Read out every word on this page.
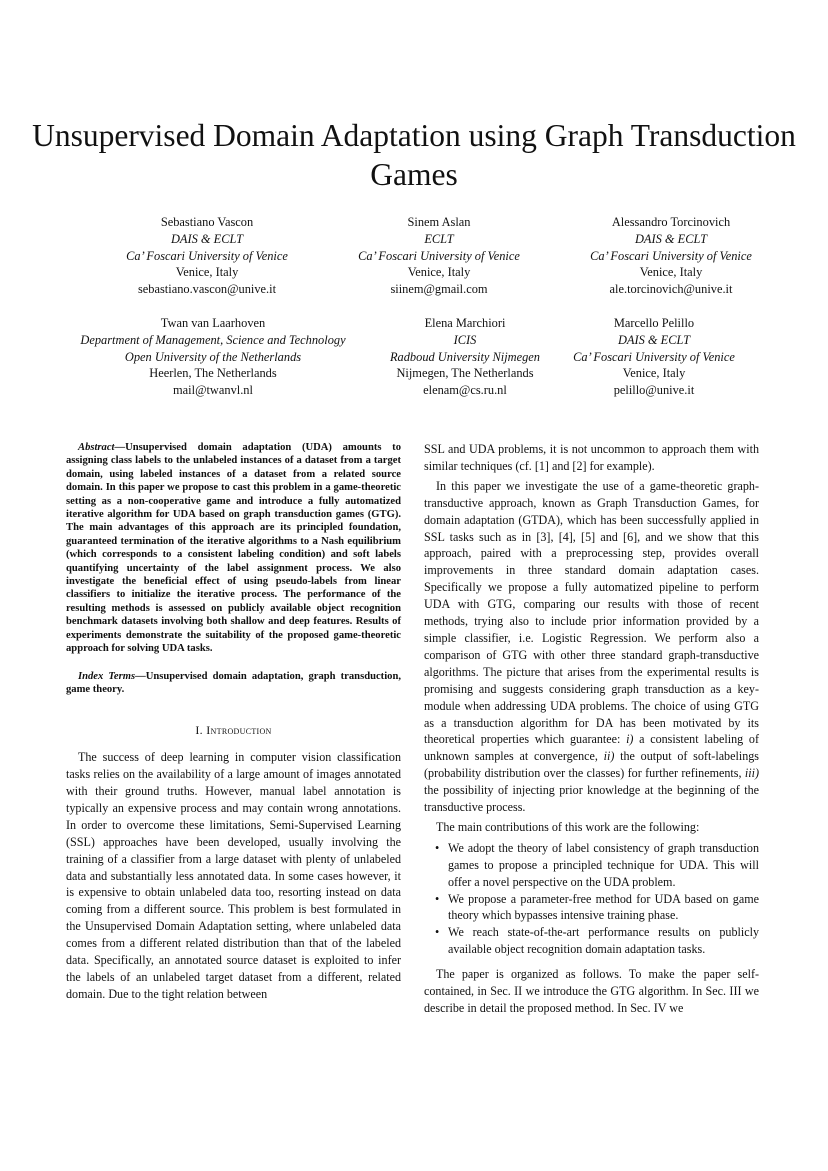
Unsupervised Domain Adaptation using Graph Transduction Games
Sebastiano Vascon
DAIS & ECLT
Ca’ Foscari University of Venice
Venice, Italy
sebastiano.vascon@unive.it
Sinem Aslan
ECLT
Ca’ Foscari University of Venice
Venice, Italy
siinem@gmail.com
Alessandro Torcinovich
DAIS & ECLT
Ca’ Foscari University of Venice
Venice, Italy
ale.torcinovich@unive.it
Twan van Laarhoven
Department of Management, Science and Technology
Open University of the Netherlands
Heerlen, The Netherlands
mail@twanvl.nl
Elena Marchiori
ICIS
Radboud University Nijmegen
Nijmegen, The Netherlands
elenam@cs.ru.nl
Marcello Pelillo
DAIS & ECLT
Ca’ Foscari University of Venice
Venice, Italy
pelillo@unive.it

Abstract—Unsupervised domain adaptation (UDA) amounts to assigning class labels to the unlabeled instances of a dataset from a target domain, using labeled instances of a dataset from a related source domain. In this paper we propose to cast this problem in a game-theoretic setting as a non-cooperative game and introduce a fully automatized iterative algorithm for UDA based on graph transduction games (GTG). The main advantages of this approach are its principled foundation, guaranteed termination of the iterative algorithms to a Nash equilibrium (which corresponds to a consistent labeling condition) and soft labels quantifying uncertainty of the label assignment process. We also investigate the beneficial effect of using pseudo-labels from linear classifiers to initialize the iterative process. The performance of the resulting methods is assessed on publicly available object recognition benchmark datasets involving both shallow and deep features. Results of experiments demonstrate the suitability of the proposed game-theoretic approach for solving UDA tasks.

Index Terms—Unsupervised domain adaptation, graph transduction, game theory.

I. Introduction

The success of deep learning in computer vision classification tasks relies on the availability of a large amount of images annotated with their ground truths. However, manual label annotation is typically an expensive process and may contain wrong annotations. In order to overcome these limitations, Semi-Supervised Learning (SSL) approaches have been developed, usually involving the training of a classifier from a large dataset with plenty of unlabeled data and substantially less annotated data. In some cases however, it is expensive to obtain unlabeled data too, resorting instead on data coming from a different source. This problem is best formulated in the Unsupervised Domain Adaptation setting, where unlabeled data comes from a different related distribution than that of the labeled data. Specifically, an annotated source dataset is exploited to infer the labels of an unlabeled target dataset from a different, related domain. Due to the tight relation between

SSL and UDA problems, it is not uncommon to approach them with similar techniques (cf. [1] and [2] for example).

In this paper we investigate the use of a game-theoretic graph-transductive approach, known as Graph Transduction Games, for domain adaptation (GTDA), which has been successfully applied in SSL tasks such as in [3], [4], [5] and [6], and we show that this approach, paired with a preprocessing step, provides overall improvements in three standard domain adaptation cases. Specifically we propose a fully automatized pipeline to perform UDA with GTG, comparing our results with those of recent methods, trying also to include prior information provided by a simple classifier, i.e. Logistic Regression. We perform also a comparison of GTG with other three standard graph-transductive algorithms. The picture that arises from the experimental results is promising and suggests considering graph transduction as a key-module when addressing UDA problems. The choice of using GTG as a transduction algorithm for DA has been motivated by its theoretical properties which guarantee: i) a consistent labeling of unknown samples at convergence, ii) the output of soft-labelings (probability distribution over the classes) for further refinements, iii) the possibility of injecting prior knowledge at the beginning of the transductive process.

The main contributions of this work are the following:

• We adopt the theory of label consistency of graph transduction games to propose a principled technique for UDA. This will offer a novel perspective on the UDA problem.
• We propose a parameter-free method for UDA based on game theory which bypasses intensive training phase.
• We reach state-of-the-art performance results on publicly available object recognition domain adaptation tasks.

The paper is organized as follows. To make the paper self-contained, in Sec. II we introduce the GTG algorithm. In Sec. III we describe in detail the proposed method. In Sec. IV we
